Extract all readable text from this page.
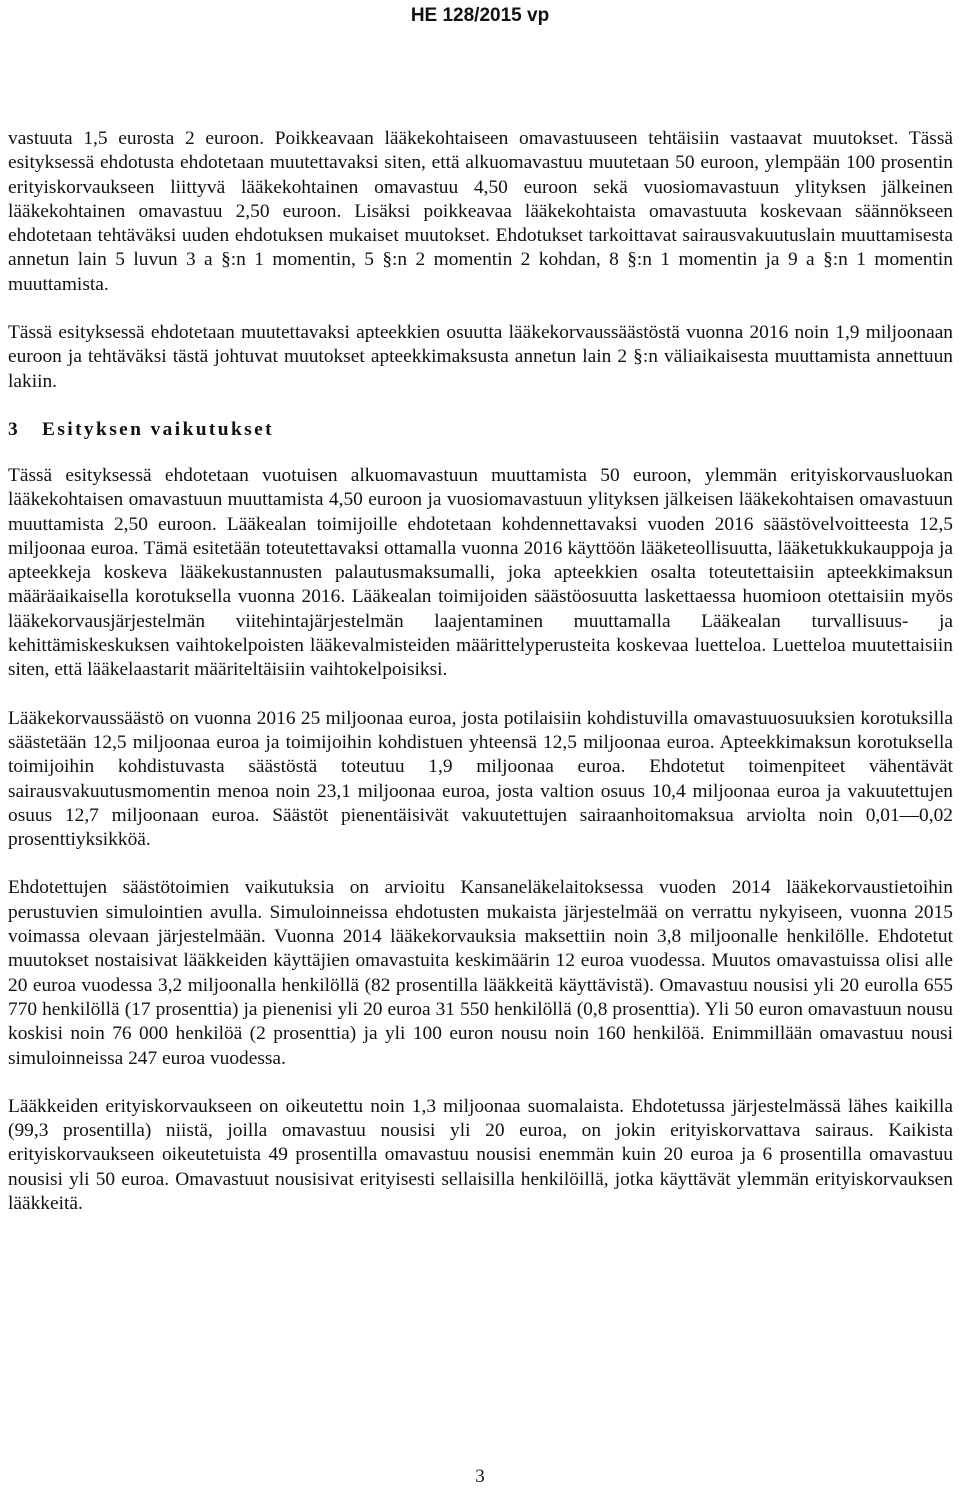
HE 128/2015 vp

vastuuta 1,5 eurosta 2 euroon. Poikkeavaan lääkekohtaiseen omavastuuseen tehtäisiin vastaavat muutokset. Tässä esityksessä ehdotusta ehdotetaan muutettavaksi siten, että alkuomavastuu muutetaan 50 euroon, ylempään 100 prosentin erityiskorvaukseen liittyvä lääkekohtainen omavastuu 4,50 euroon sekä vuosiomavastuun ylityksen jälkeinen lääkekohtainen omavastuu 2,50 euroon. Lisäksi poikkeavaa lääkekohtaista omavastuuta koskevaan säännökseen ehdotetaan tehtäväksi uuden ehdotuksen mukaiset muutokset. Ehdotukset tarkoittavat sairausvakuutuslain muuttamisesta annetun lain 5 luvun 3 a §:n 1 momentin, 5 §:n 2 momentin 2 kohdan, 8 §:n 1 momentin ja 9 a §:n 1 momentin muuttamista.

Tässä esityksessä ehdotetaan muutettavaksi apteekkien osuutta lääkekorvaussäästöstä vuonna 2016 noin 1,9 miljoonaan euroon ja tehtäväksi tästä johtuvat muutokset apteekkimaksusta annetun lain 2 §:n väliaikaisesta muuttamista annettuun lakiin.

3 Esityksen vaikutukset

Tässä esityksessä ehdotetaan vuotuisen alkuomavastuun muuttamista 50 euroon, ylemmän erityiskorvausluokan lääkekohtaisen omavastuun muuttamista 4,50 euroon ja vuosiomavastuun ylityksen jälkeisen lääkekohtaisen omavastuun muuttamista 2,50 euroon. Lääkealan toimijoille ehdotetaan kohdennettavaksi vuoden 2016 säästövelvoitteesta 12,5 miljoonaa euroa. Tämä esitetään toteutettavaksi ottamalla vuonna 2016 käyttöön lääketeollisuutta, lääketukkukauppoja ja apteekkeja koskeva lääkekustannusten palautusmaksumalli, joka apteekkien osalta toteutettaisiin apteekkimaksun määräaikaisella korotuksella vuonna 2016. Lääkealan toimijoiden säästöosuutta laskettaessa huomioon otettaisiin myös lääkekorvausjärjestelmän viitehintajärjestelmän laajentaminen muuttamalla Lääkealan turvallisuus- ja kehittämiskeskuksen vaihtokelpoisten lääkevalmisteiden määrittelyperusteita koskevaa luetteloa. Luetteloa muutettaisiin siten, että lääkelaastarit määriteltäisiin vaihtokelpoisiksi.

Lääkekorvaussäästö on vuonna 2016 25 miljoonaa euroa, josta potilaisiin kohdistuvilla omavastuuosuuksien korotuksilla säästetään 12,5 miljoonaa euroa ja toimijoihin kohdistuen yhteensä 12,5 miljoonaa euroa. Apteekkimaksun korotuksella toimijoihin kohdistuvasta säästöstä toteutuu 1,9 miljoonaa euroa. Ehdotetut toimenpiteet vähentävät sairausvakuutusmomentin menoa noin 23,1 miljoonaa euroa, josta valtion osuus 10,4 miljoonaa euroa ja vakuutettujen osuus 12,7 miljoonaan euroa. Säästöt pienentäisivät vakuutettujen sairaanhoitomaksua arviolta noin 0,01—0,02 prosenttiyksikköä.

Ehdotettujen säästötoimien vaikutuksia on arvioitu Kansaneläkelaitoksessa vuoden 2014 lääkekorvaustietoihin perustuvien simulointien avulla. Simuloinneissa ehdotusten mukaista järjestelmää on verrattu nykyiseen, vuonna 2015 voimassa olevaan järjestelmään. Vuonna 2014 lääkekorvauksia maksettiin noin 3,8 miljoonalle henkilölle. Ehdotetut muutokset nostaisivat lääkkeiden käyttäjien omavastuita keskimäärin 12 euroa vuodessa. Muutos omavastuissa olisi alle 20 euroa vuodessa 3,2 miljoonalla henkilöllä (82 prosentilla lääkkeitä käyttävistä). Omavastuu nousisi yli 20 eurolla 655 770 henkilöllä (17 prosenttia) ja pienenisi yli 20 euroa 31 550 henkilöllä (0,8 prosenttia). Yli 50 euron omavastuun nousu koskisi noin 76 000 henkilöä (2 prosenttia) ja yli 100 euron nousu noin 160 henkilöä. Enimmillään omavastuu nousi simuloinneissa 247 euroa vuodessa.

Lääkkeiden erityiskorvaukseen on oikeutettu noin 1,3 miljoonaa suomalaista. Ehdotetussa järjestelmässä lähes kaikilla (99,3 prosentilla) niistä, joilla omavastuu nousisi yli 20 euroa, on jokin erityiskorvattava sairaus. Kaikista erityiskorvaukseen oikeutetuista 49 prosentilla omavastuu nousisi enemmän kuin 20 euroa ja 6 prosentilla omavastuu nousisi yli 50 euroa. Omavastuut nousisivat erityisesti sellaisilla henkilöillä, jotka käyttävät ylemmän erityiskorvauksen lääkkeitä.

3
